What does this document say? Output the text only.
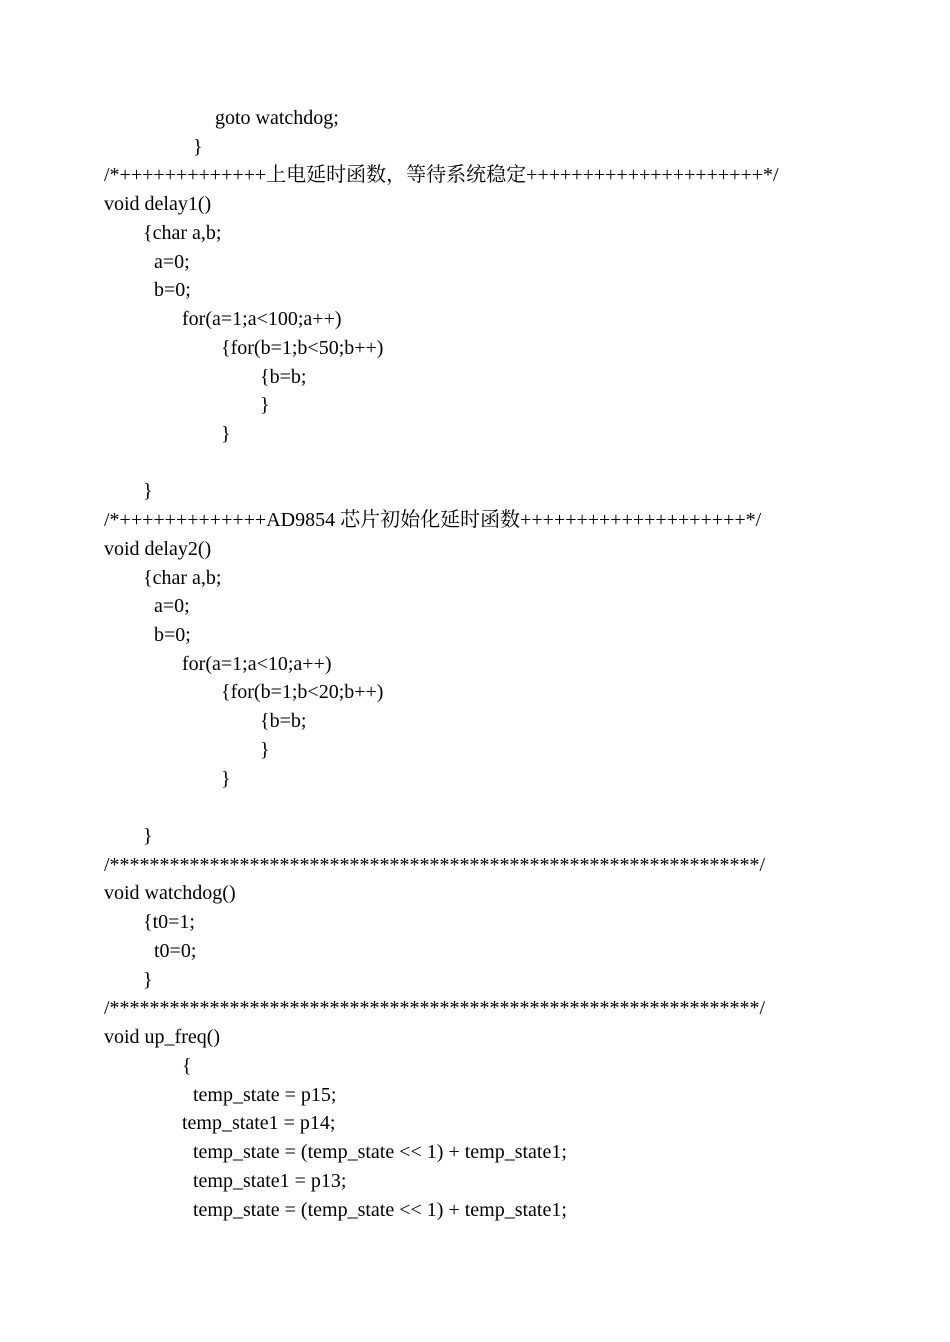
goto watchdog;
}
/*+++++++++++++上电延时函数，等待系统稳定+++++++++++++++++++++*/
void delay1()
{char a,b;
a=0;
b=0;
for(a=1;a<100;a++)
{for(b=1;b<50;b++)
{b=b;
}
}
}
/*+++++++++++++AD9854 芯片初始化延时函数++++++++++++++++++++*/
void delay2()
{char a,b;
a=0;
b=0;
for(a=1;a<10;a++)
{for(b=1;b<20;b++)
{b=b;
}
}
}
/*****************************************************************/
void watchdog()
{t0=1;
t0=0;
}
/*****************************************************************/
void up_freq()
{
temp_state = p15;
temp_state1 = p14;
temp_state = (temp_state << 1) + temp_state1;
temp_state1 = p13;
temp_state = (temp_state << 1) + temp_state1;
